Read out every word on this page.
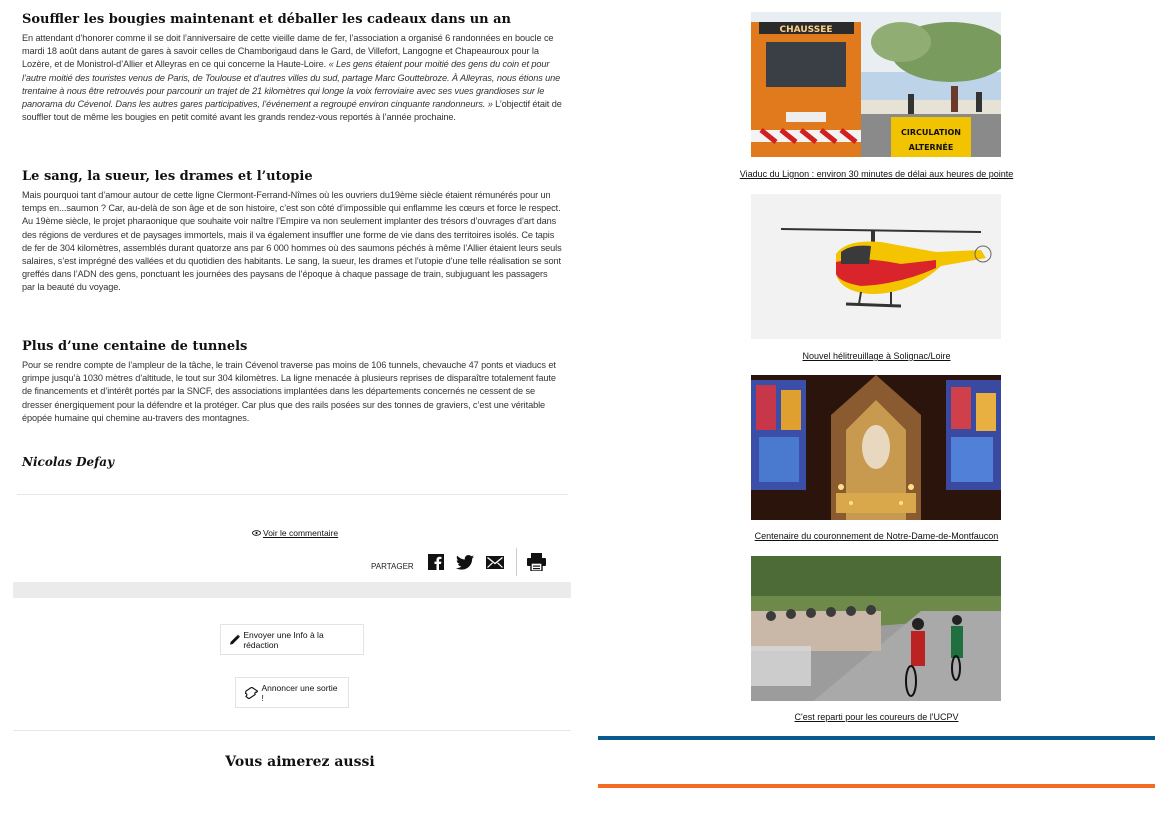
Souffler les bougies maintenant et déballer les cadeaux dans un an

En attendant d’honorer comme il se doit l’anniversaire de cette vieille dame de fer, l’association a organisé 6 randonnées en boucle ce mardi 18 août dans autant de gares à savoir celles de Chamborigaud dans le Gard, de Villefort, Langogne et Chapeauroux pour la Lozère, et de Monistrol-d’Allier et Alleyras en ce qui concerne la Haute-Loire. « Les gens étaient pour moitié des gens du coin et pour l’autre moitié des touristes venus de Paris, de Toulouse et d’autres villes du sud, partage Marc Gouttebroze. À Alleyras, nous étions une trentaine à nous être retrouvés pour parcourir un trajet de 21 kilomètres qui longe la voix ferroviaire avec ses vues grandioses sur le panorama du Cévenol. Dans les autres gares participatives, l’événement a regroupé environ cinquante randonneurs. » L’objectif était de souffler tout de même les bougies en petit comité avant les grands rendez-vous reportés à l’année prochaine.

Le sang, la sueur, les drames et l’utopie

Mais pourquoi tant d’amour autour de cette ligne Clermont-Ferrand-Nîmes où les ouvriers du19ème siècle étaient rémunérés pour un temps en...saumon ? Car, au-delà de son âge et de son histoire, c’est son côté d’impossible qui enflamme les cœurs et force le respect. Au 19ème siècle, le projet pharaonique que souhaite voir naître l’Empire va non seulement implanter des trésors d’ouvrages d’art dans des régions de verdures et de paysages immortels, mais il va également insuffler une forme de vie dans des territoires isolés. Ce tapis de fer de 304 kilomètres, assemblés durant quatorze ans par 6 000 hommes où des saumons péchés à même l’Allier étaient leurs seuls salaires, s’est imprégné des vallées et du quotidien des habitants. Le sang, la sueur, les drames et l’utopie d’une telle réalisation se sont greffés dans l’ADN des gens, ponctuant les journées des paysans de l’époque à chaque passage de train, subjuguant les passagers par la beauté du voyage.

Plus d’une centaine de tunnels

Pour se rendre compte de l’ampleur de la tâche, le train Cévenol traverse pas moins de 106 tunnels, chevauche 47 ponts et viaducs et grimpe jusqu’à 1030 mètres d’altitude, le tout sur 304 kilomètres. La ligne menacée à plusieurs reprises de disparaître totalement faute de financements et d’intérêt portés par la SNCF, des associations implantées dans les départements concernés ne cessent de se dresser énergiquement pour la défendre et la protéger. Car plus que des rails posées sur des tonnes de graviers, c’est une véritable épopée humaine qui chemine au-travers des montagnes.

Nicolas Defay
Voir le commentaire
PARTAGER
Envoyer une Info à la rédaction
Annoncer une sortie !
Vous aimerez aussi
CHAUSSEE
CIRCULATION
ALTERNÉE
Viaduc du Lignon : environ 30 minutes de délai aux heures de pointe
Nouvel hélitreuillage à Solignac/Loire
Centenaire du couronnement de Notre-Dame-de-Montfaucon
C'est reparti pour les coureurs de l'UCPV
